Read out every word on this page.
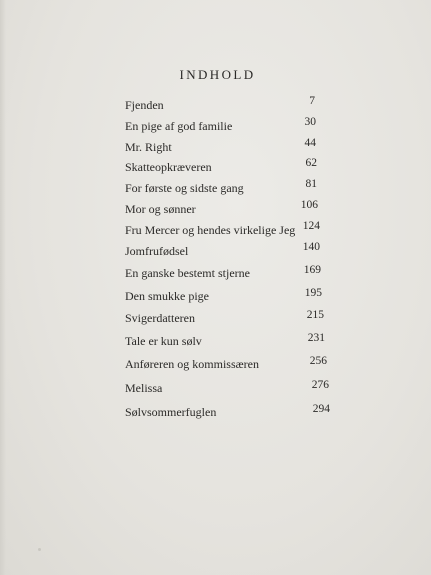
INDHOLD
Fjenden	7
En pige af god familie	30
Mr. Right	44
Skatteopkræveren	62
For første og sidste gang	81
Mor og sønner	106
Fru Mercer og hendes virkelige Jeg 124
Jomfrufødsel	140
En ganske bestemt stjerne	169
Den smukke pige	195
Svigerdatteren	215
Tale er kun sølv	231
Anføreren og kommissæren	256
Melissa	276
Sølvsommerfuglen	294
